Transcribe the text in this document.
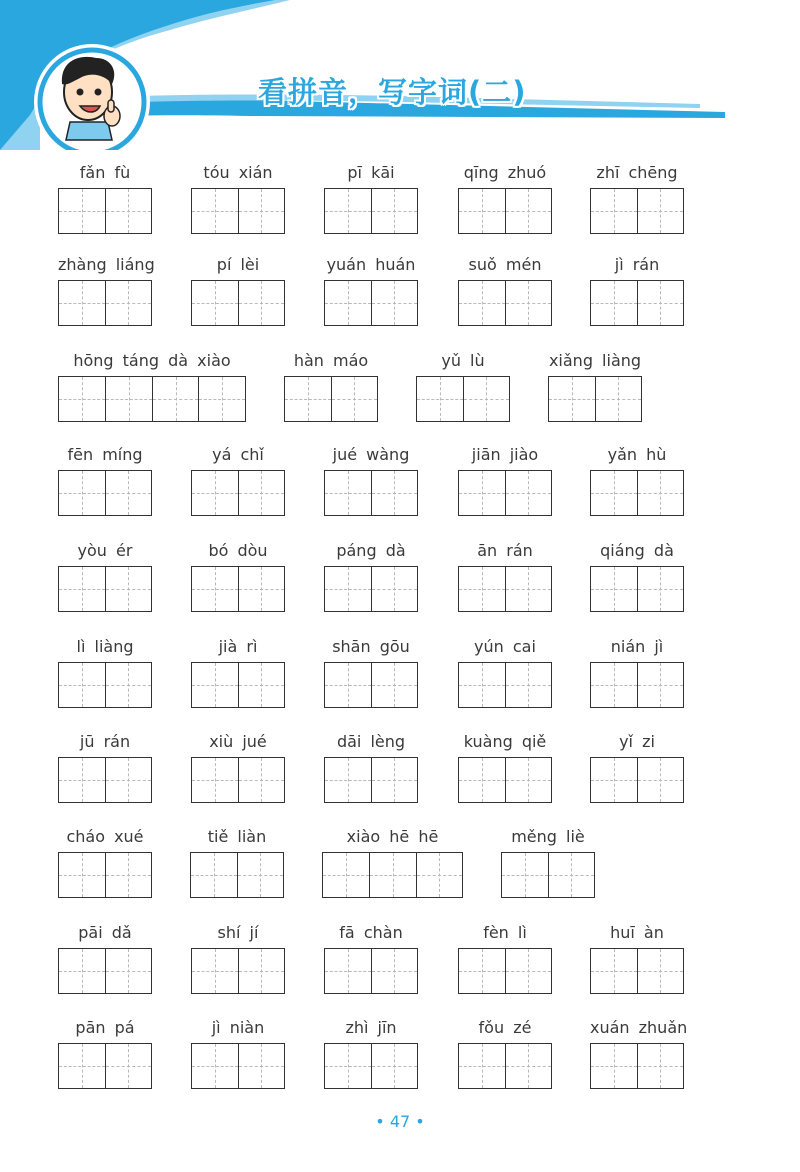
看拼音，写字词(二)
fǎn fù	tóu xián	pī kāi	qīng zhuó	zhī chēng
zhàng liáng	pí lèi	yuán huán	suǒ mén	jì rán
hōng táng dà xiào	hàn máo	yǔ lù	xiǎng liàng
fēn míng	yá chǐ	jué wàng	jiān jiào	yǎn hù
yòu ér	bó dòu	páng dà	ān rán	qiáng dà
lì liàng	jià rì	shān gōu	yún cai	nián jì
jū rán	xiù jué	dāi lèng	kuàng qiě	yǐ zi
cháo xué	tiě liàn	xiào hē hē	měng liè
pāi dǎ	shí jí	fā chàn	fèn lì	huī àn
pān pá	jì niàn	zhì jīn	fǒu zé	xuán zhuǎn
• 47 •
